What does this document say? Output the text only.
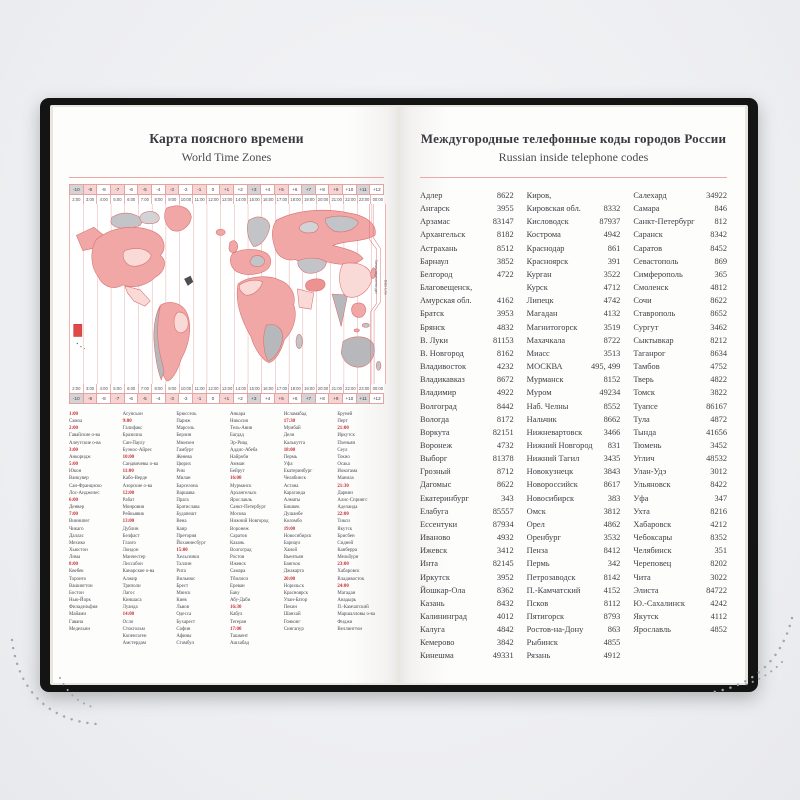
Карта поясного времени
World Time Zones
-10	-9	-8	-7	-6	-5	-4	-3	-2	-1	0	+1	+2	+3	+4	+5	+6	+7	+8	+9	+10	+11	+12
2:00	3:00	4:00	5:00	6:00	7:00	8:00	9:00	10:00 11:00 12:00 13:00 14:00 15:00 16:00 17:00 18:00 19:00 20:00 21:00 22:00 23:00 00:00
Линия перемены дат Date Line
2:00	3:00	4:00	5:00	6:00	7:00	8:00	9:00	10:00 11:00 12:00 13:00 14:00 15:00 16:00 17:00 18:00 19:00 20:00 21:00 22:00 23:00 00:00
-10	-9	-8	-7	-6	-5	-4	-3	-2	-1	0	+1	+2	+3	+4	+5	+6	+7	+8	+9	+10	+11	+12
1:00
Самоа
2:00
Гавайские о-ва
Алеутские о-ва
3:00
Анкоридж
5:00
Юкон
Ванкувер
Сан-Франциско
Лос-Анджелес
6:00
Денвер
7:00
Виннипег
Чикаго
Даллас
Мехико
Хьюстон
Лима
8:00
Квебек
Торонто
Вашингтон
Бостон
Нью-Йорк
Филадельфия
Майами
Гавана
Медельин
Асунсьон
9:00
Галифакс
Бразилиа
Сан-Паулу
Буэнос-Айрес
10:00
Сандвичевы о-ва
11:00
Кабо-Верде
Азорские о-ва
12:00
Рабат
Монровия
Рейкьявик
13:00
Дублин
Белфаст
Глазго
Лондон
Манчестер
Лиссабон
Канарские о-ва
Алжир
Триполи
Лагос
Киншаса
Луанда
14:00
Осло
Стокгольм
Копенгаген
Амстердам
Брюссель
Париж
Марсель
Берлин
Мюнхен
Гамбург
Женева
Цюрих
Рим
Милан
Барселона
Варшава
Прага
Братислава
Будапешт
Вена
Каир
Претория
Йоханнесбург
15:00
Хельсинки
Таллин
Рига
Вильнюс
Брест
Минск
Киев
Львов
Одесса
Бухарест
София
Афины
Стамбул
Анкара
Никосия
Тель-Авив
Багдад
Эр-Рияд
Аддис-Абеба
Найроби
Амман
Бейрут
16:00
Мурманск
Архангельск
Ярославль
Санкт-Петербург
Москва
Нижний Новгород
Воронеж
Саратов
Казань
Волгоград
Ростов
Ижевск
Самара
Тбилиси
Ереван
Баку
Абу-Даби
16:30
Кабул
Тегеран
17:00
Ташкент
Ашхабад
Исламабад
17:30
Мумбай
Дели
Калькутта
18:00
Пермь
Уфа
Екатеринбург
Челябинск
Астана
Караганда
Алматы
Бишкек
Душанбе
Коломбо
19:00
Новосибирск
Барнаул
Ханой
Вьентьян
Бангкок
Джакарта
20:00
Норильск
Красноярск
Улан-Батор
Пекин
Шанхай
Гонконг
Сингапур
Бруней
Перт
21:00
Иркутск
Пхеньян
Сеул
Токио
Осака
Иокогама
Манила
21:30
Дарвин
Алис-Спрингс
Аделаида
22:00
Тикси
Якутск
Брисбен
Сидней
Канберра
Мельбурн
23:00
Хабаровск
Владивосток
24:00
Магадан
Анадырь
П.-Камчатский
Маршалловы о-ва
Фиджи
Веллингтон
Междугородные телефонные коды городов России
Russian inside telephone codes
Адлер	8622
Ангарск	3955
Арзамас	83147
Архангельск	8182
Астрахань	8512
Барнаул	3852
Белгород	4722
Благовещенск,
Амурская обл.	4162
Братск	3953
Брянск	4832
В. Луки	81153
В. Новгород	8162
Владивосток	4232
Владикавказ	8672
Владимир	4922
Волгоград	8442
Вологда	8172
Воркута	82151
Воронеж	4732
Выборг	81378
Грозный	8712
Дагомыс	8622
Екатеринбург	343
Елабуга	85557
Ессентуки	87934
Иваново	4932
Ижевск	3412
Инта	82145
Иркутск	3952
Йошкар-Ола	8362
Казань	8432
Калининград	4012
Калуга	4842
Кемерово	3842
Кинешма	49331
Киров,
Кировская обл.	8332
Кисловодск	87937
Кострома	4942
Краснодар	861
Красноярск	391
Курган	3522
Курск	4712
Липецк	4742
Магадан	4132
Магнитогорск	3519
Махачкала	8722
Миасс	3513
МОСКВА	495, 499
Мурманск	8152
Муром	49234
Наб. Челны	8552
Нальчик	8662
Нижневартовск	3466
Нижний Новгород	831
Нижний Тагил	3435
Новокузнецк	3843
Новороссийск	8617
Новосибирск	383
Омск	3812
Орел	4862
Оренбург	3532
Пенза	8412
Пермь	342
Петрозаводск	8142
П.-Камчатский	4152
Псков	8112
Пятигорск	8793
Ростов-на-Дону	863
Рыбинск	4855
Рязань	4912
Салехард	34922
Самара	846
Санкт-Петербург	812
Саранск	8342
Саратов	8452
Севастополь	869
Симферополь	365
Смоленск	4812
Сочи	8622
Ставрополь	8652
Сургут	3462
Сыктывкар	8212
Таганрог	8634
Тамбов	4752
Тверь	4822
Томск	3822
Туапсе	86167
Тула	4872
Тында	41656
Тюмень	3452
Углич	48532
Улан-Удэ	3012
Ульяновск	8422
Уфа	347
Ухта	8216
Хабаровск	4212
Чебоксары	8352
Челябинск	351
Череповец	8202
Чита	3022
Элиста	84722
Ю.-Сахалинск	4242
Якутск	4112
Ярославль	4852
